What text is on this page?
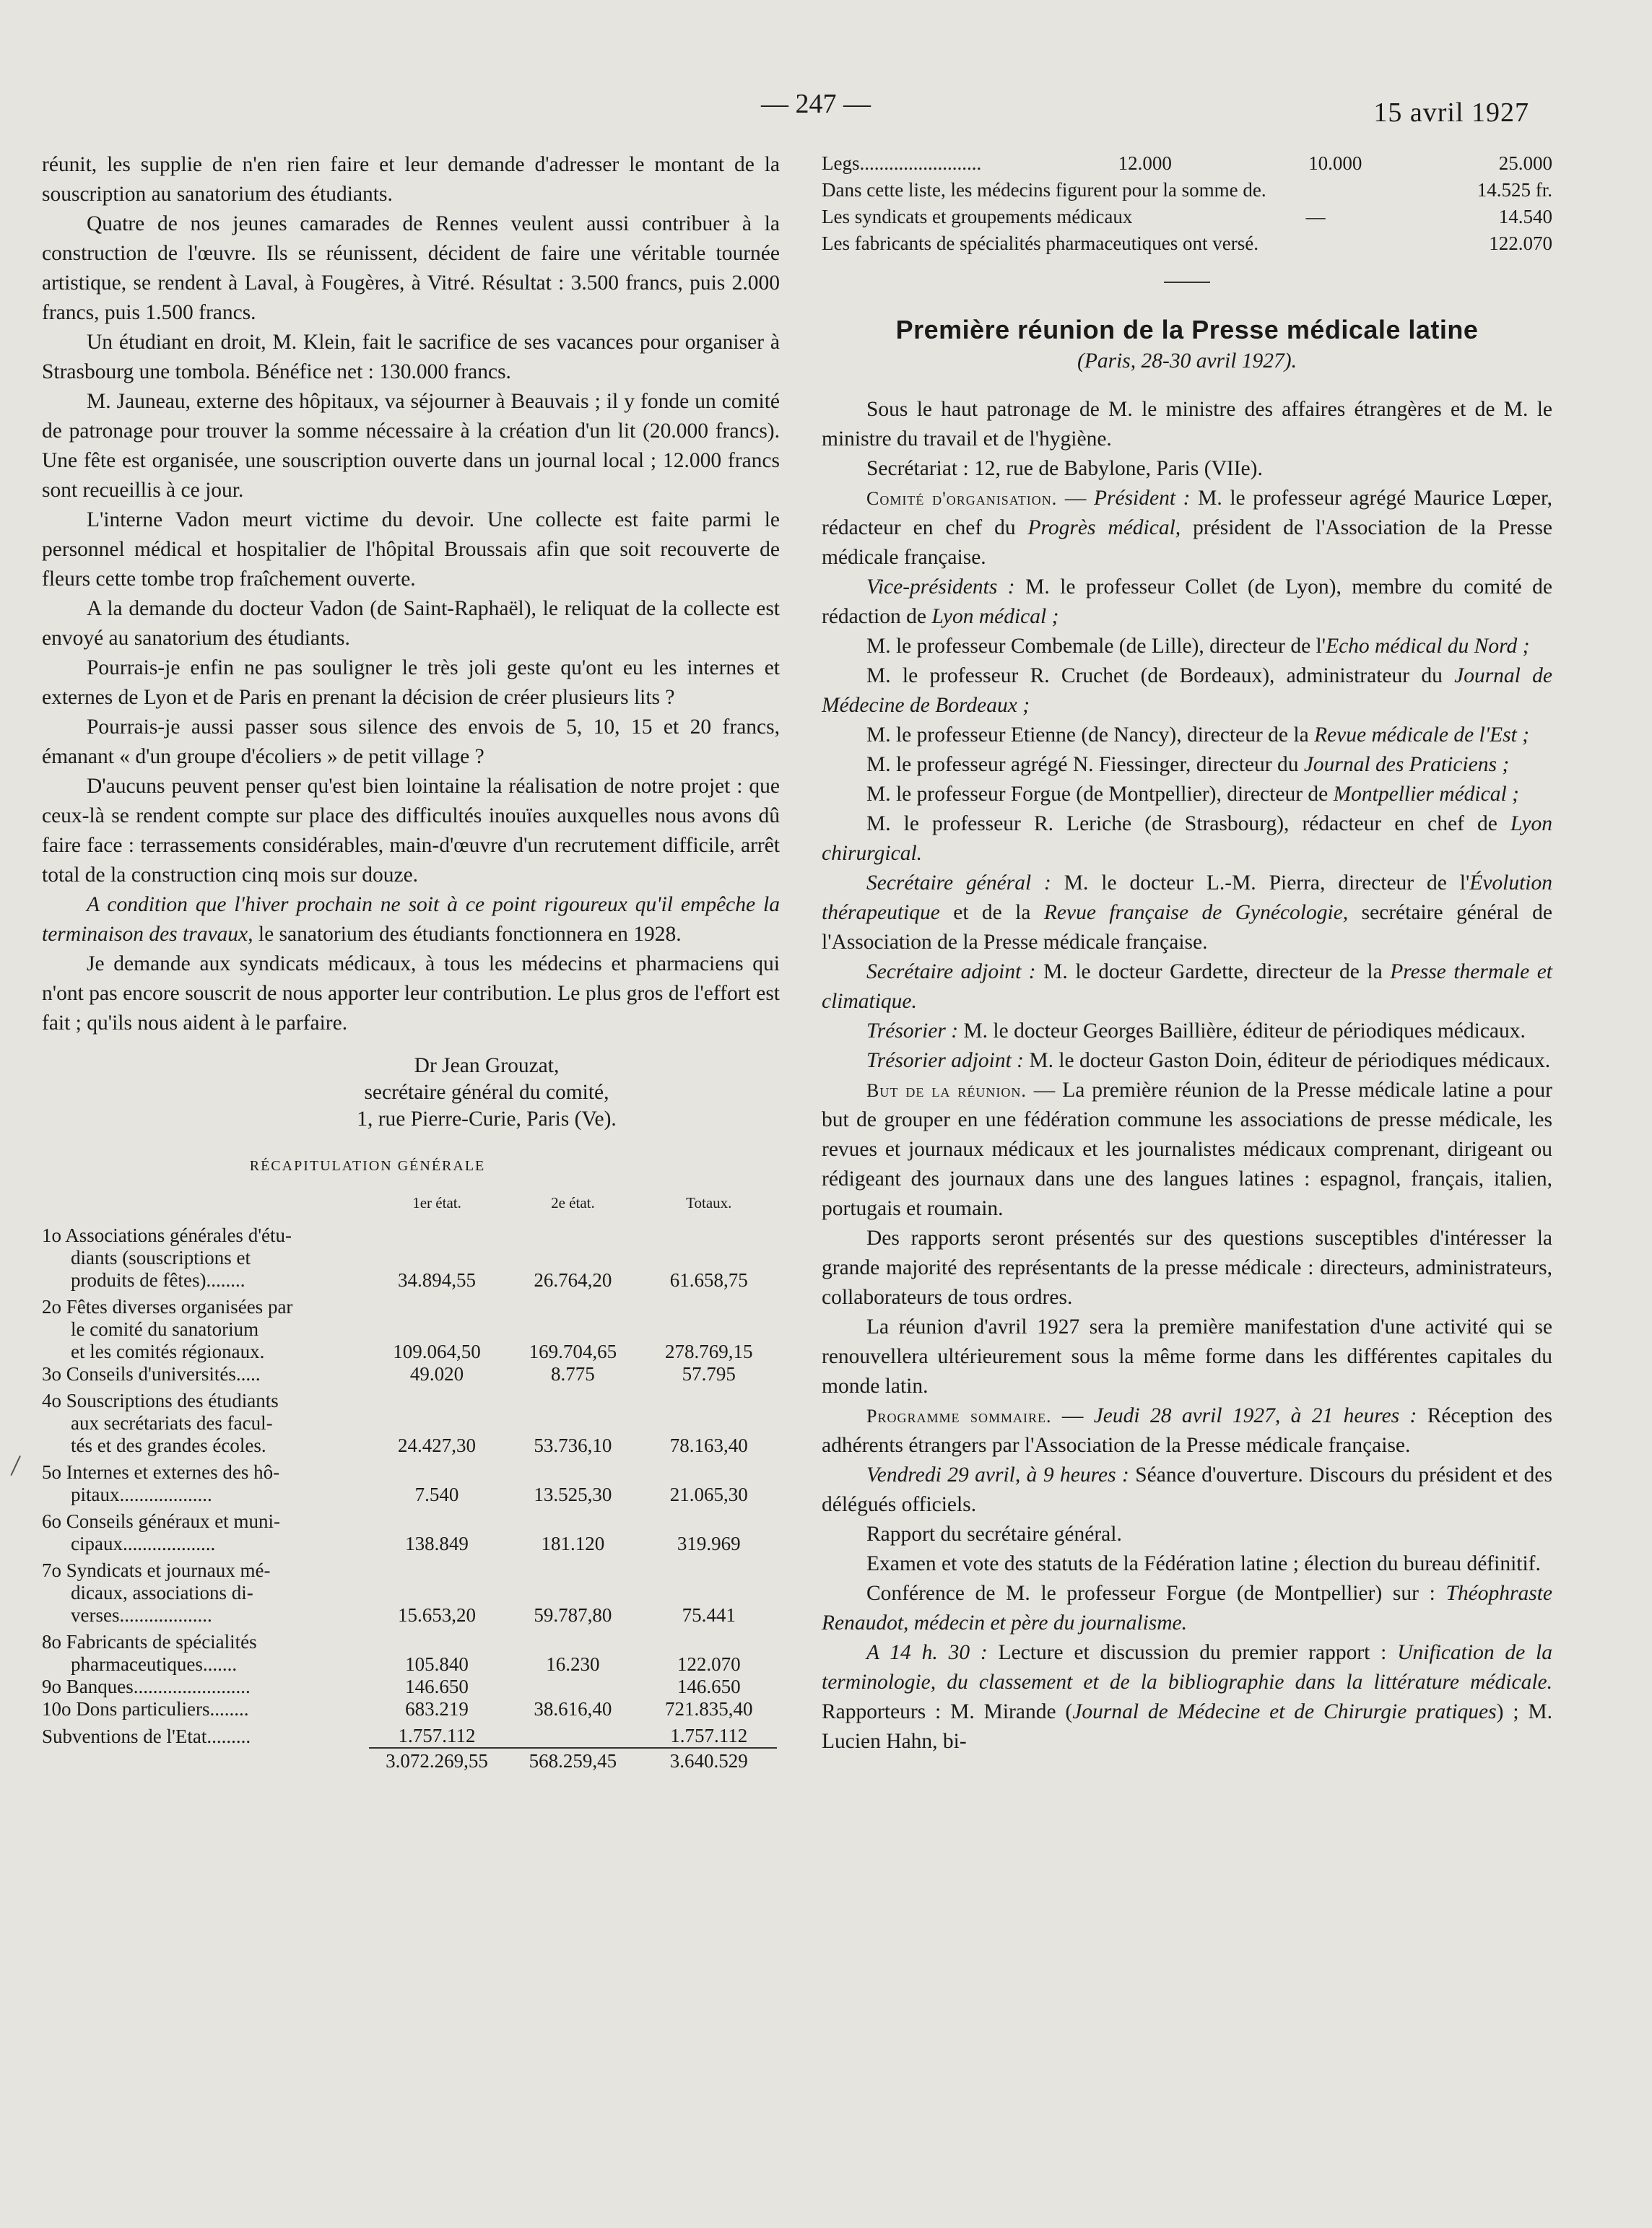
— 247 —	15 avril 1927

réunit, les supplie de n'en rien faire et leur demande d'adresser le montant de la souscription au sanatorium des étudiants.

Quatre de nos jeunes camarades de Rennes veulent aussi contribuer à la construction de l'œuvre. Ils se réunissent, décident de faire une véritable tournée artistique, se rendent à Laval, à Fougères, à Vitré. Résultat : 3.500 francs, puis 2.000 francs, puis 1.500 francs.

Un étudiant en droit, M. Klein, fait le sacrifice de ses vacances pour organiser à Strasbourg une tombola. Bénéfice net : 130.000 francs.

M. Jauneau, externe des hôpitaux, va séjourner à Beauvais ; il y fonde un comité de patronage pour trouver la somme nécessaire à la création d'un lit (20.000 francs). Une fête est organisée, une souscription ouverte dans un journal local ; 12.000 francs sont recueillis à ce jour.

L'interne Vadon meurt victime du devoir. Une collecte est faite parmi le personnel médical et hospitalier de l'hôpital Broussais afin que soit recouverte de fleurs cette tombe trop fraîchement ouverte.

A la demande du docteur Vadon (de Saint-Raphaël), le reliquat de la collecte est envoyé au sanatorium des étudiants.

Pourrais-je enfin ne pas souligner le très joli geste qu'ont eu les internes et externes de Lyon et de Paris en prenant la décision de créer plusieurs lits ?

Pourrais-je aussi passer sous silence des envois de 5, 10, 15 et 20 francs, émanant « d'un groupe d'écoliers » de petit village ?

D'aucuns peuvent penser qu'est bien lointaine la réalisation de notre projet : que ceux-là se rendent compte sur place des difficultés inouïes auxquelles nous avons dû faire face : terrassements considérables, main-d'œuvre d'un recrutement difficile, arrêt total de la construction cinq mois sur douze.

A condition que l'hiver prochain ne soit à ce point rigoureux qu'il empêche la terminaison des travaux, le sanatorium des étudiants fonctionnera en 1928.

Je demande aux syndicats médicaux, à tous les médecins et pharmaciens qui n'ont pas encore souscrit de nous apporter leur contribution. Le plus gros de l'effort est fait ; qu'ils nous aident à le parfaire.

Dr Jean Grouzat,
secrétaire général du comité,
1, rue Pierre-Curie, Paris (Ve).
RÉCAPITULATION GÉNÉRALE
	1er état.	2e état.	Totaux.
1o Associations générales d'étu-
diants (souscriptions et
produits de fêtes)........	34.894,55	26.764,20	61.658,75

2o Fêtes diverses organisées par
le comité du sanatorium
et les comités régionaux.	109.064,50	169.704,65	278.769,15
3o Conseils d'universités.....	49.020	8.775	57.795

4o Souscriptions des étudiants
aux secrétariats des facul-
tés et des grandes écoles.	24.427,30	53.736,10	78.163,40

5o Internes et externes des hô-
pitaux...................	7.540	13.525,30	21.065,30

6o Conseils généraux et muni-
cipaux...................	138.849	181.120	319.969

7o Syndicats et journaux mé-
dicaux, associations di-
verses...................	15.653,20	59.787,80	75.441

8o Fabricants de spécialités
pharmaceutiques.......	105.840	16.230	122.070
9o Banques........................	146.650		146.650
10o Dons particuliers........	683.219	38.616,40	721.835,40

Subventions de l'Etat.........	1.757.112		1.757.112
	3.072.269,55	568.259,45	3.640.529
Legs.........................	12.000	10.000	25.000
Dans cette liste, les médecins figurent pour la somme de.	14.525 fr.
Les syndicats et groupements médicaux	—	14.540
Les fabricants de spécialités pharmaceutiques ont versé.	122.070
Première réunion de la Presse médicale latine
(Paris, 28-30 avril 1927).

Sous le haut patronage de M. le ministre des affaires étrangères et de M. le ministre du travail et de l'hygiène.

Secrétariat : 12, rue de Babylone, Paris (VIIe).

Comité d'organisation. — Président : M. le professeur agrégé Maurice Lœper, rédacteur en chef du Progrès médical, président de l'Association de la Presse médicale française.

Vice-présidents : M. le professeur Collet (de Lyon), membre du comité de rédaction de Lyon médical ;

M. le professeur Combemale (de Lille), directeur de l'Echo médical du Nord ;

M. le professeur R. Cruchet (de Bordeaux), administrateur du Journal de Médecine de Bordeaux ;

M. le professeur Etienne (de Nancy), directeur de la Revue médicale de l'Est ;

M. le professeur agrégé N. Fiessinger, directeur du Journal des Praticiens ;

M. le professeur Forgue (de Montpellier), directeur de Montpellier médical ;

M. le professeur R. Leriche (de Strasbourg), rédacteur en chef de Lyon chirurgical.

Secrétaire général : M. le docteur L.-M. Pierra, directeur de l'Évolution thérapeutique et de la Revue française de Gynécologie, secrétaire général de l'Association de la Presse médicale française.

Secrétaire adjoint : M. le docteur Gardette, directeur de la Presse thermale et climatique.

Trésorier : M. le docteur Georges Baillière, éditeur de périodiques médicaux.

Trésorier adjoint : M. le docteur Gaston Doin, éditeur de périodiques médicaux.

But de la réunion. — La première réunion de la Presse médicale latine a pour but de grouper en une fédération commune les associations de presse médicale, les revues et journaux médicaux et les journalistes médicaux comprenant, dirigeant ou rédigeant des journaux dans une des langues latines : espagnol, français, italien, portugais et roumain.

Des rapports seront présentés sur des questions susceptibles d'intéresser la grande majorité des représentants de la presse médicale : directeurs, administrateurs, collaborateurs de tous ordres.

La réunion d'avril 1927 sera la première manifestation d'une activité qui se renouvellera ultérieurement sous la même forme dans les différentes capitales du monde latin.

Programme sommaire. — Jeudi 28 avril 1927, à 21 heures : Réception des adhérents étrangers par l'Association de la Presse médicale française.

Vendredi 29 avril, à 9 heures : Séance d'ouverture. Discours du président et des délégués officiels.

Rapport du secrétaire général.

Examen et vote des statuts de la Fédération latine ; élection du bureau définitif.

Conférence de M. le professeur Forgue (de Montpellier) sur : Théophraste Renaudot, médecin et père du journalisme.

A 14 h. 30 : Lecture et discussion du premier rapport : Unification de la terminologie, du classement et de la bibliographie dans la littérature médicale. Rapporteurs : M. Mirande (Journal de Médecine et de Chirurgie pratiques) ; M. Lucien Hahn, bi-
